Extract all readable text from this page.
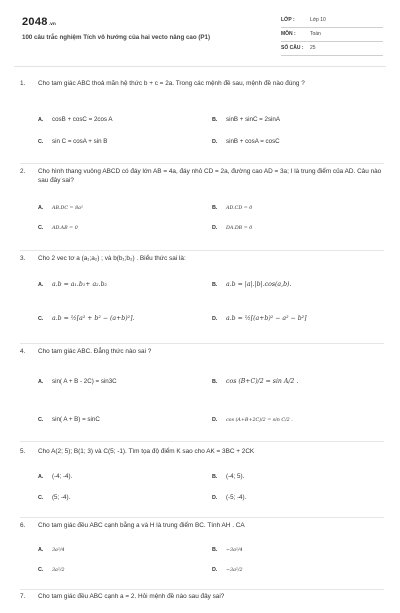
2048.vn
100 câu trắc nghiệm Tích vô hướng của hai vecto nâng cao (P1)
LỚP :	Lớp 10
MÔN :	Toán
SỐ CÂU :	25
1. Cho tam giác ABC thoả mãn hệ thức b + c = 2a. Trong các mệnh đề sau, mệnh đề nào đúng ?
A. cosB + cosC = 2cos A	B. sinB + sinC = 2sinA
C. sin C = cosA + sin B	D. sinB + cosA = cosC
2. Cho hình thang vuông ABCD có đáy lớn AB = 4a, đáy nhỏ CD = 2a, đường cao AD = 3a; I là trung điểm của AD. Câu nào sau đây sai?
A. AB.DC = 8a²	B. AD.CD = 0
C. AD.AB = 0	D. DA.DB = 0
3. Cho 2 vec tơ a (a₁;a₂) ; và b(b₁;b₂) . Biểu thức sai là:
A. a.b = a₁.b₁+ a₂.b₂	B. a.b = |a|.|b|.cos(a,b).
C. a.b = ½[a² + b² − (a+b)²].	D. a.b = ½[(a+b)² − a² − b²]
4. Cho tam giác ABC. Đẳng thức nào sai ?
A. sin( A + B - 2C) = sin3C	B. cos (B+C)/2 = sin A/2 .
C. sin( A + B) = sinC	D. cos (A+B+2C)/2 = sin C/2 .
5. Cho A(2; 5); B(1; 3) và C(5; -1). Tìm tọa độ điểm K sao cho AK = 3BC + 2CK
A. (-4; -4).	B. (-4; 5).
C. (5; -4).	D. (-5; -4).
6. Cho tam giác đều ABC cạnh bằng a và H là trung điểm BC. Tính AH . CA
A. 3a²/4	B. −3a²/4
C. 3a²/2	D. −3a²/2
7. Cho tam giác đều ABC cạnh a = 2. Hỏi mệnh đề nào sau đây sai?
